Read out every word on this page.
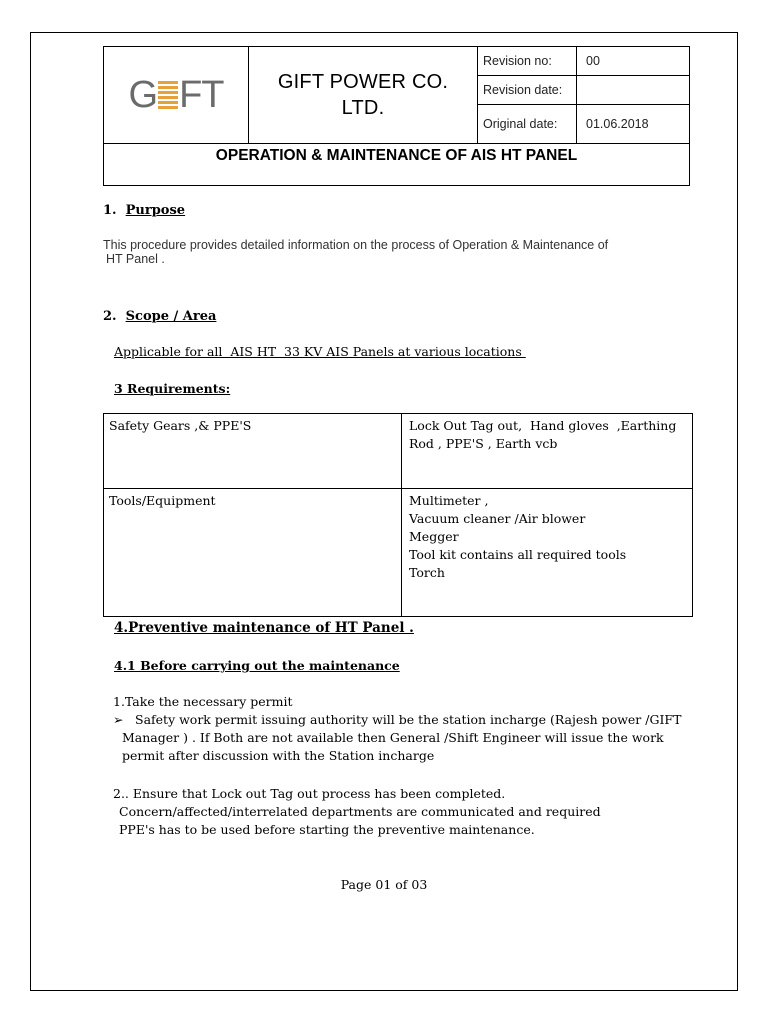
G F T	GIFT POWER CO. LTD.
Revision no:	00
Revision date:
Original date:	01.06.2018
OPERATION & MAINTENANCE OF AIS HT PANEL
1. Purpose
This procedure provides detailed information on the process of Operation & Maintenance of
HT Panel .
2. Scope / Area
Applicable for all  AIS HT  33 KV AIS Panels at various locations
3 Requirements:
Safety Gears ,& PPE'S	Lock Out Tag out,  Hand gloves  ,Earthing
Rod , PPE'S , Earth vcb
Tools/Equipment	Multimeter ,
Vacuum cleaner /Air blower
Megger
Tool kit contains all required tools
Torch
4.Preventive maintenance of HT Panel .
4.1 Before carrying out the maintenance
1.Take the necessary permit
➢ Safety work permit issuing authority will be the station incharge (Rajesh power /GIFT
Manager ) . If Both are not available then General /Shift Engineer will issue the work
permit after discussion with the Station incharge
2.. Ensure that Lock out Tag out process has been completed.
Concern/affected/interrelated departments are communicated and required
PPE's has to be used before starting the preventive maintenance.
Page 01 of 03
